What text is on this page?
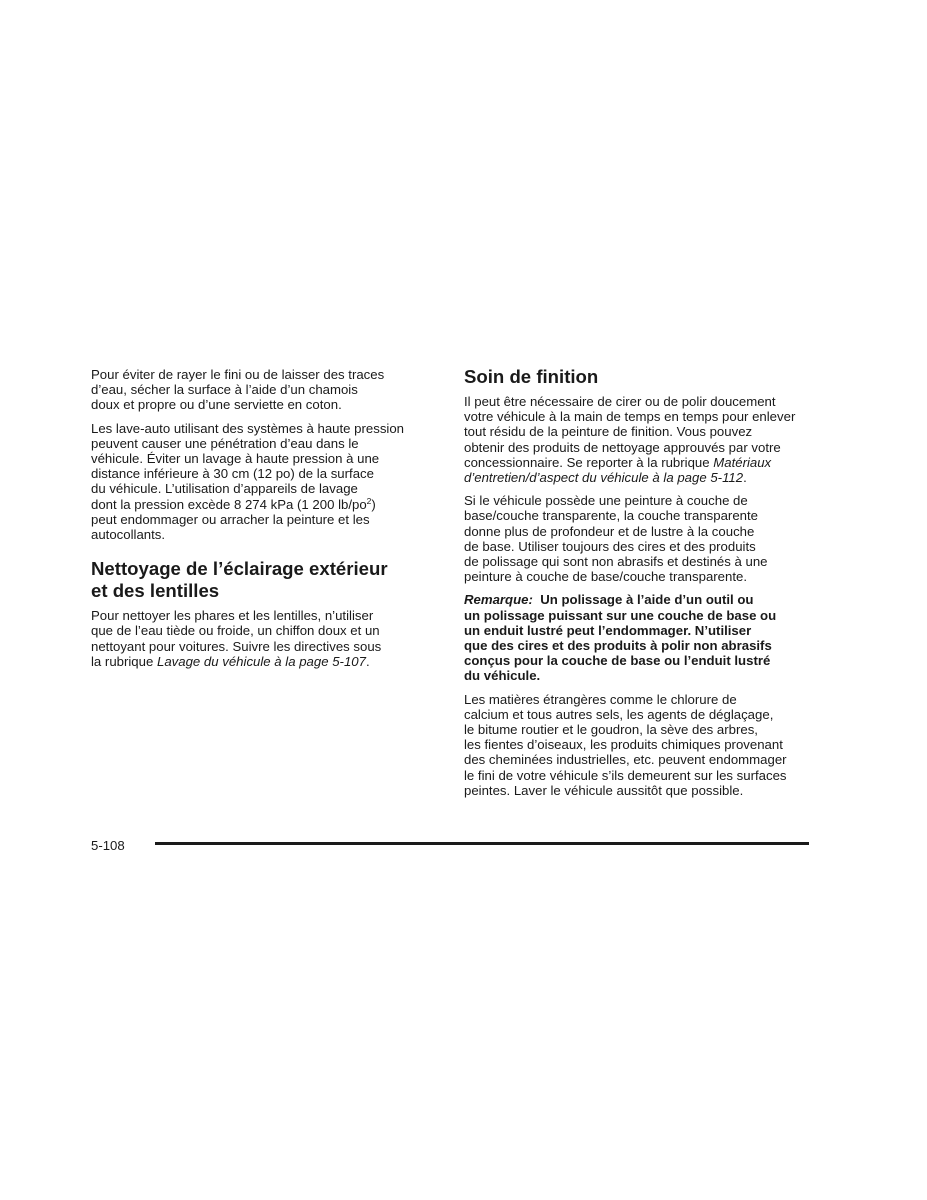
Pour éviter de rayer le fini ou de laisser des traces
d’eau, sécher la surface à l’aide d’un chamois
doux et propre ou d’une serviette en coton.

Les lave-auto utilisant des systèmes à haute pression
peuvent causer une pénétration d’eau dans le
véhicule. Éviter un lavage à haute pression à une
distance inférieure à 30 cm (12 po) de la surface
du véhicule. L’utilisation d’appareils de lavage
dont la pression excède 8 274 kPa (1 200 $lb/po^2$)
peut endommager ou arracher la peinture et les
autocollants.

Nettoyage de l’éclairage extérieur
et des lentilles

Pour nettoyer les phares et les lentilles, n’utiliser
que de l’eau tiède ou froide, un chiffon doux et un
nettoyant pour voitures. Suivre les directives sous
la rubrique Lavage du véhicule à la page 5-107.

Soin de finition

Il peut être nécessaire de cirer ou de polir doucement
votre véhicule à la main de temps en temps pour enlever
tout résidu de la peinture de finition. Vous pouvez
obtenir des produits de nettoyage approuvés par votre
concessionnaire. Se reporter à la rubrique Matériaux
d’entretien/d’aspect du véhicule à la page 5-112.

Si le véhicule possède une peinture à couche de
base/couche transparente, la couche transparente
donne plus de profondeur et de lustre à la couche
de base. Utiliser toujours des cires et des produits
de polissage qui sont non abrasifs et destinés à une
peinture à couche de base/couche transparente.

Remarque: Un polissage à l’aide d’un outil ou
un polissage puissant sur une couche de base ou
un enduit lustré peut l’endommager. N’utiliser
que des cires et des produits à polir non abrasifs
conçus pour la couche de base ou l’enduit lustré
du véhicule.

Les matières étrangères comme le chlorure de
calcium et tous autres sels, les agents de déglaçage,
le bitume routier et le goudron, la sève des arbres,
les fientes d’oiseaux, les produits chimiques provenant
des cheminées industrielles, etc. peuvent endommager
le fini de votre véhicule s’ils demeurent sur les surfaces
peintes. Laver le véhicule aussitôt que possible.

5-108
